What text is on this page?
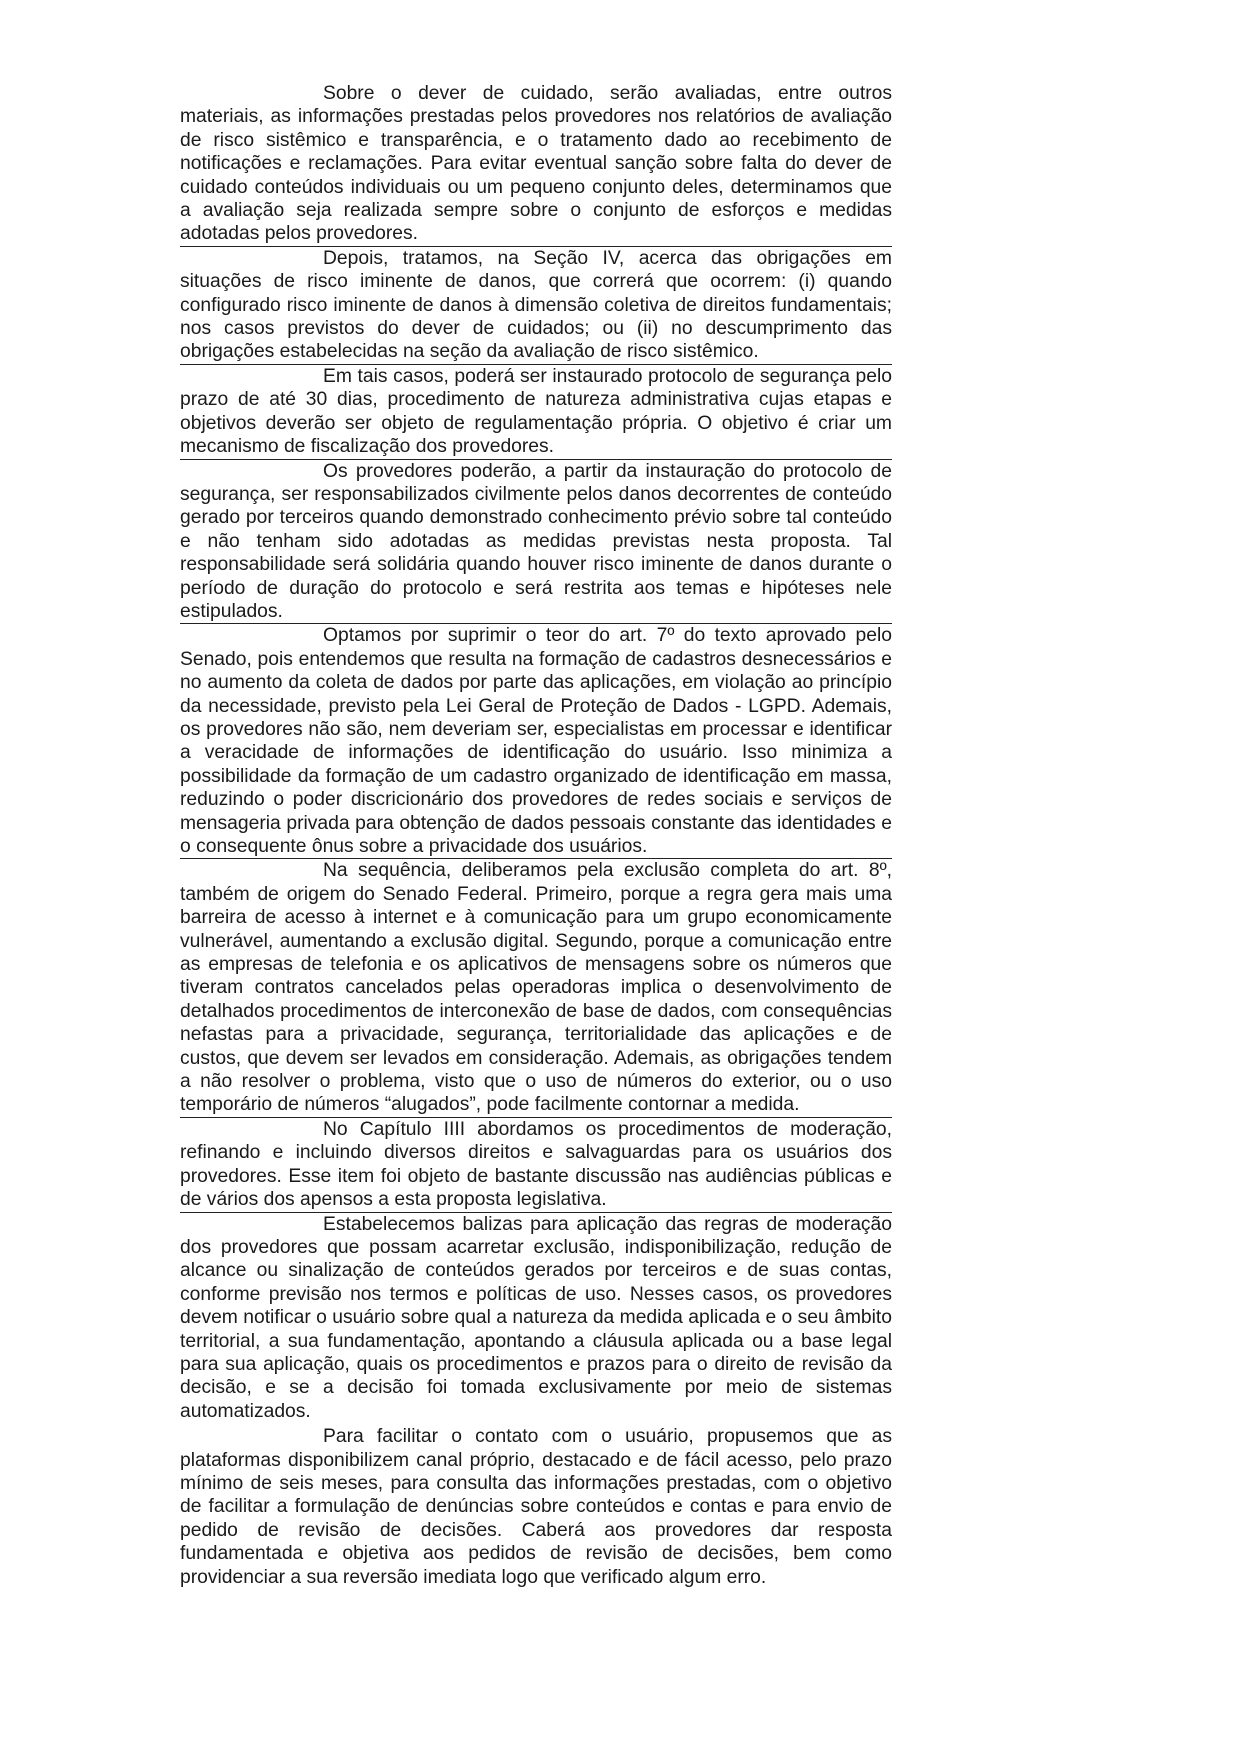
Sobre o dever de cuidado, serão avaliadas, entre outros materiais, as informações prestadas pelos provedores nos relatórios de avaliação de risco sistêmico e transparência, e o tratamento dado ao recebimento de notificações e reclamações. Para evitar eventual sanção sobre falta do dever de cuidado conteúdos individuais ou um pequeno conjunto deles, determinamos que a avaliação seja realizada sempre sobre o conjunto de esforços e medidas adotadas pelos provedores.

Depois, tratamos, na Seção IV, acerca das obrigações em situações de risco iminente de danos, que correrá que ocorrem: (i) quando configurado risco iminente de danos à dimensão coletiva de direitos fundamentais; nos casos previstos do dever de cuidados; ou (ii) no descumprimento das obrigações estabelecidas na seção da avaliação de risco sistêmico.

Em tais casos, poderá ser instaurado protocolo de segurança pelo prazo de até 30 dias, procedimento de natureza administrativa cujas etapas e objetivos deverão ser objeto de regulamentação própria. O objetivo é criar um mecanismo de fiscalização dos provedores.

Os provedores poderão, a partir da instauração do protocolo de segurança, ser responsabilizados civilmente pelos danos decorrentes de conteúdo gerado por terceiros quando demonstrado conhecimento prévio sobre tal conteúdo e não tenham sido adotadas as medidas previstas nesta proposta. Tal responsabilidade será solidária quando houver risco iminente de danos durante o período de duração do protocolo e será restrita aos temas e hipóteses nele estipulados.

Optamos por suprimir o teor do art. 7º do texto aprovado pelo Senado, pois entendemos que resulta na formação de cadastros desnecessários e no aumento da coleta de dados por parte das aplicações, em violação ao princípio da necessidade, previsto pela Lei Geral de Proteção de Dados - LGPD. Ademais, os provedores não são, nem deveriam ser, especialistas em processar e identificar a veracidade de informações de identificação do usuário. Isso minimiza a possibilidade da formação de um cadastro organizado de identificação em massa, reduzindo o poder discricionário dos provedores de redes sociais e serviços de mensageria privada para obtenção de dados pessoais constante das identidades e o consequente ônus sobre a privacidade dos usuários.

Na sequência, deliberamos pela exclusão completa do art. 8º, também de origem do Senado Federal. Primeiro, porque a regra gera mais uma barreira de acesso à internet e à comunicação para um grupo economicamente vulnerável, aumentando a exclusão digital. Segundo, porque a comunicação entre as empresas de telefonia e os aplicativos de mensagens sobre os números que tiveram contratos cancelados pelas operadoras implica o desenvolvimento de detalhados procedimentos de interconexão de base de dados, com consequências nefastas para a privacidade, segurança, territorialidade das aplicações e de custos, que devem ser levados em consideração. Ademais, as obrigações tendem a não resolver o problema, visto que o uso de números do exterior, ou o uso temporário de números “alugados”, pode facilmente contornar a medida.

No Capítulo IIII abordamos os procedimentos de moderação, refinando e incluindo diversos direitos e salvaguardas para os usuários dos provedores. Esse item foi objeto de bastante discussão nas audiências públicas e de vários dos apensos a esta proposta legislativa.

Estabelecemos balizas para aplicação das regras de moderação dos provedores que possam acarretar exclusão, indisponibilização, redução de alcance ou sinalização de conteúdos gerados por terceiros e de suas contas, conforme previsão nos termos e políticas de uso. Nesses casos, os provedores devem notificar o usuário sobre qual a natureza da medida aplicada e o seu âmbito territorial, a sua fundamentação, apontando a cláusula aplicada ou a base legal para sua aplicação, quais os procedimentos e prazos para o direito de revisão da decisão, e se a decisão foi tomada exclusivamente por meio de sistemas automatizados.

Para facilitar o contato com o usuário, propusemos que as plataformas disponibilizem canal próprio, destacado e de fácil acesso, pelo prazo mínimo de seis meses, para consulta das informações prestadas, com o objetivo de facilitar a formulação de denúncias sobre conteúdos e contas e para envio de pedido de revisão de decisões. Caberá aos provedores dar resposta fundamentada e objetiva aos pedidos de revisão de decisões, bem como providenciar a sua reversão imediata logo que verificado algum erro.
